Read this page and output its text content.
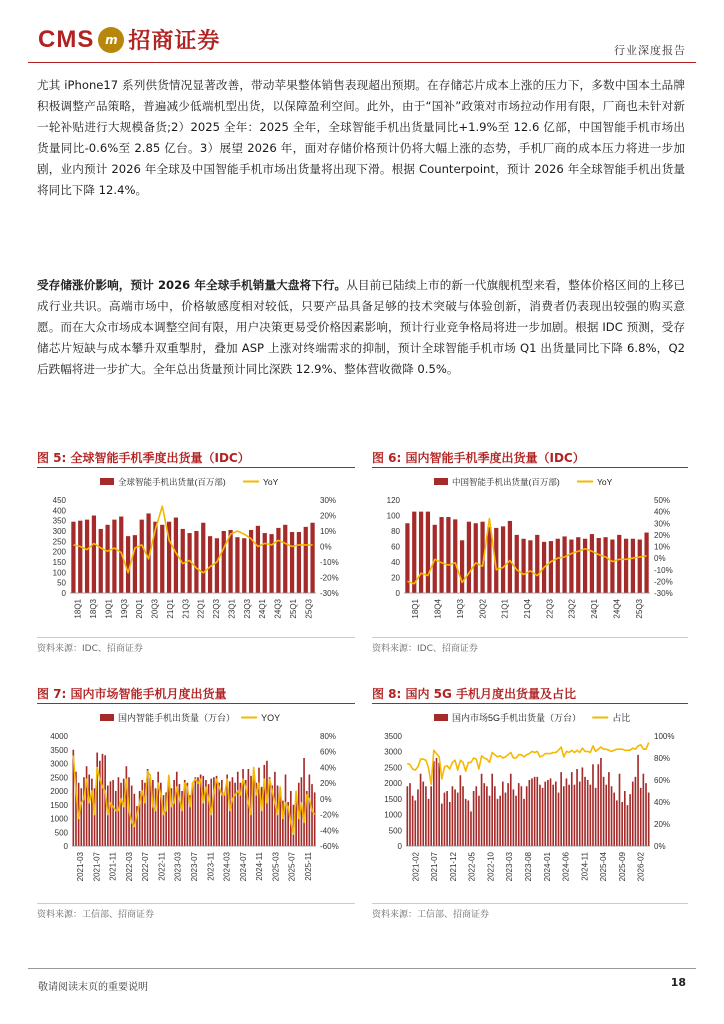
CMS m 招商证券	行业深度报告

尤其 iPhone17 系列供货情况显著改善，带动苹果整体销售表现超出预期。在存储芯片成本上涨的压力下，多数中国本土品牌积极调整产品策略，普遍减少低端机型出货，以保障盈利空间。此外，由于“国补”政策对市场拉动作用有限，厂商也未针对新一轮补贴进行大规模备货;2）2025 全年：2025 全年，全球智能手机出货量同比+1.9%至 12.6 亿部，中国智能手机市场出货量同比-0.6%至 2.85 亿台。3）展望 2026 年，面对存储价格预计仍将大幅上涨的态势，手机厂商的成本压力将进一步加剧，业内预计 2026 年全球及中国智能手机市场出货量将出现下滑。根据 Counterpoint，预计 2026 年全球智能手机出货量将同比下降 12.4%。

受存储涨价影响，预计 2026 年全球手机销量大盘将下行。从目前已陆续上市的新一代旗舰机型来看，整体价格区间的上移已成行业共识。高端市场中，价格敏感度相对较低，只要产品具备足够的技术突破与体验创新，消费者仍表现出较强的购买意愿。而在大众市场成本调整空间有限，用户决策更易受价格因素影响，预计行业竞争格局将进一步加剧。根据 IDC 预测，受存储芯片短缺与成本攀升双重掣肘，叠加 ASP 上涨对终端需求的抑制，预计全球智能手机市场 Q1 出货量同比下降 6.8%，Q2 后跌幅将进一步扩大。全年总出货量预计同比深跌 12.9%、整体营收微降 0.5%。

图 5: 全球智能手机季度出货量（IDC）	图 6: 国内智能手机季度出货量（IDC）
全球智能手机出货量(百万部)	YoY
0
50
100
150
200
250
300
350
400
450
-30%
-20%
-10%
0%
10%
20%
30%
18Q1 18Q3 19Q1 19Q3 20Q1 20Q3 21Q1 21Q3 22Q1 22Q3 23Q1 23Q3 24Q1 24Q3 25Q1 25Q3
中国智能手机出货量(百万部)	YoY
0
20
40
60
80
100
120
-30%
-20%
-10%
0%
10%
20%
30%
40%
50%
18Q1 18Q4 19Q3 20Q2 21Q1 21Q4 22Q3 23Q2 24Q1 24Q4 25Q3
资料来源：IDC、招商证券	资料来源：IDC、招商证券
图 7: 国内市场智能手机月度出货量	图 8: 国内 5G 手机月度出货量及占比
国内智能手机出货量（万台）	YOY
0
500
1000
1500
2000
2500
3000
3500
4000
-60%
-40%
-20%
0%
20%
40%
60%
80%
2021-03 2021-07 2021-11 2022-03 2022-07 2022-11 2023-03 2023-07 2023-11 2024-03 2024-07 2024-11 2025-03 2025-07 2025-11
国内市场5G手机出货量（万台）	占比
0
500
1000
1500
2000
2500
3000
3500
0%
20%
40%
60%
80%
100%
2021-02 2021-07 2021-12 2022-05 2022-10 2023-03 2023-08 2024-01 2024-06 2024-11 2025-04 2025-09 2026-02
资料来源：工信部、招商证券	资料来源：工信部、招商证券
敬请阅读末页的重要说明	18
